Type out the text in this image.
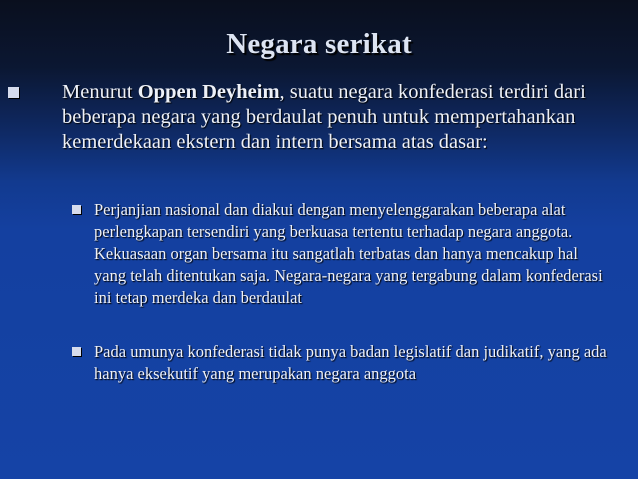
Negara serikat
Menurut Oppen Deyheim, suatu negara konfederasi terdiri dari beberapa negara yang berdaulat penuh untuk mempertahankan kemerdekaan ekstern dan intern bersama atas dasar:
Perjanjian nasional dan diakui dengan menyelenggarakan beberapa alat perlengkapan tersendiri yang berkuasa tertentu terhadap negara anggota. Kekuasaan organ bersama itu sangatlah terbatas dan hanya mencakup hal yang telah ditentukan saja. Negara-negara yang tergabung dalam konfederasi ini tetap merdeka dan berdaulat
Pada umunya konfederasi tidak punya badan legislatif dan judikatif, yang ada hanya eksekutif yang merupakan negara anggota
